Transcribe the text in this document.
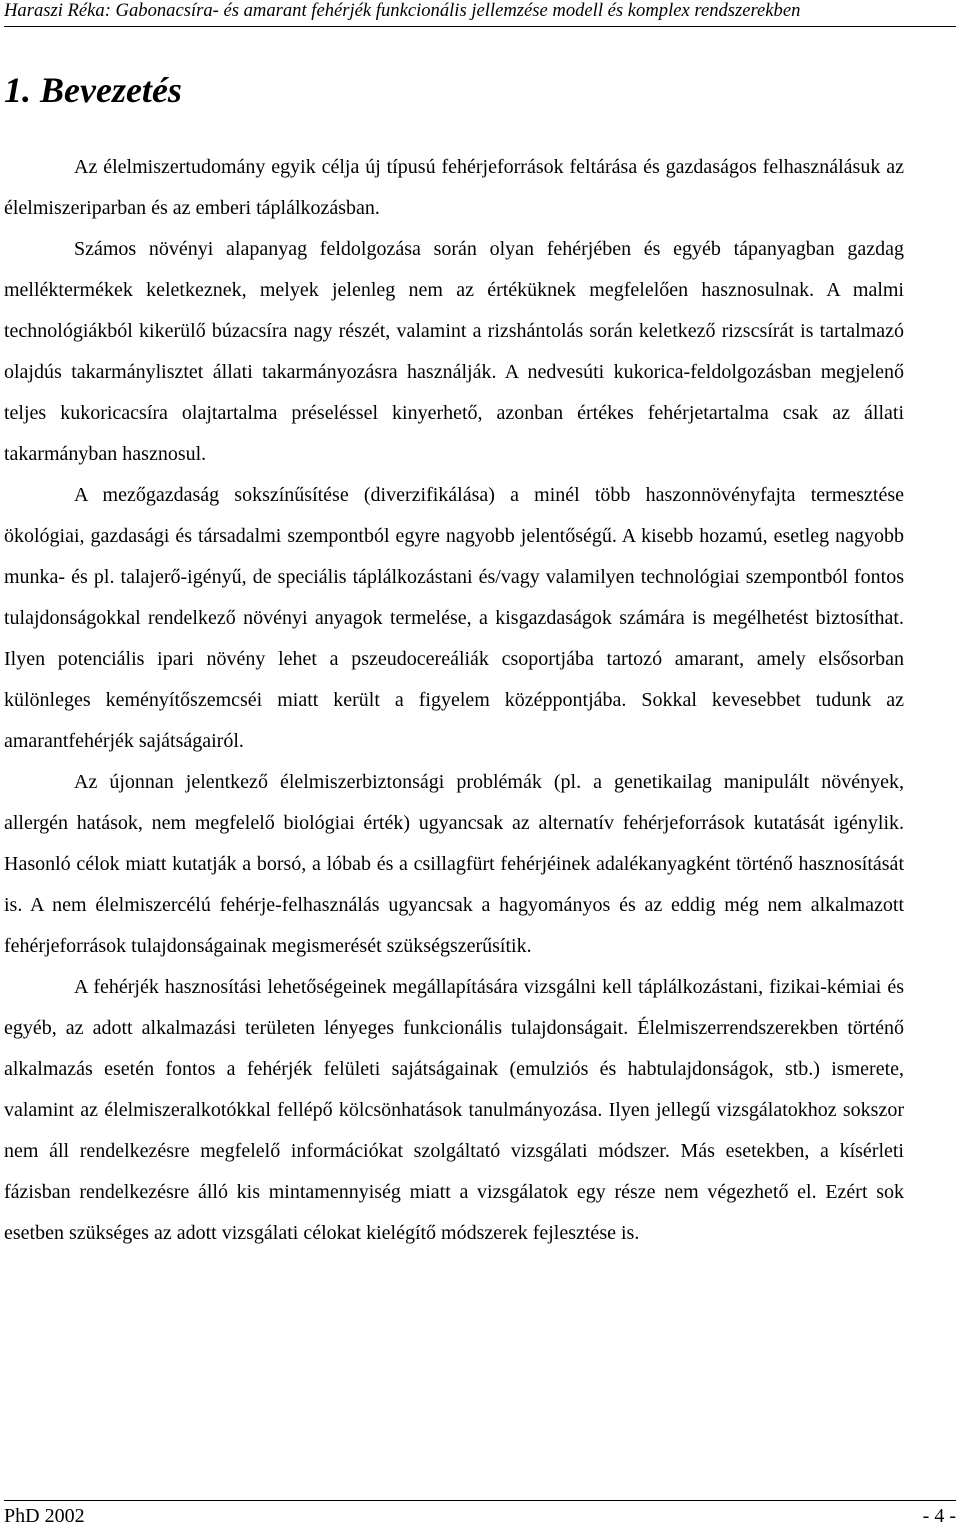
Haraszi Réka: Gabonacsíra- és amarant fehérjék funkcionális jellemzése modell és komplex rendszerekben
1. Bevezetés

Az élelmiszertudomány egyik célja új típusú fehérjeforrások feltárása és gazdaságos felhasználásuk az élelmiszeriparban és az emberi táplálkozásban.

Számos növényi alapanyag feldolgozása során olyan fehérjében és egyéb tápanyagban gazdag melléktermékek keletkeznek, melyek jelenleg nem az értéküknek megfelelően hasznosulnak. A malmi technológiákból kikerülő búzacsíra nagy részét, valamint a rizshántolás során keletkező rizscsírát is tartalmazó olajdús takarmánylisztet állati takarmányozásra használják. A nedvesúti kukorica-feldolgozásban megjelenő teljes kukoricacsíra olajtartalma préseléssel kinyerhető, azonban értékes fehérjetartalma csak az állati takarmányban hasznosul.

A mezőgazdaság sokszínűsítése (diverzifikálása) a minél több haszonnövényfajta termesztése ökológiai, gazdasági és társadalmi szempontból egyre nagyobb jelentőségű. A kisebb hozamú, esetleg nagyobb munka- és pl. talajerő-igényű, de speciális táplálkozástani és/vagy valamilyen technológiai szempontból fontos tulajdonságokkal rendelkező növényi anyagok termelése, a kisgazdaságok számára is megélhetést biztosíthat. Ilyen potenciális ipari növény lehet a pszeudocereáliák csoportjába tartozó amarant, amely elsősorban különleges keményítőszemcséi miatt került a figyelem középpontjába. Sokkal kevesebbet tudunk az amarantfehérjék sajátságairól.

Az újonnan jelentkező élelmiszerbiztonsági problémák (pl. a genetikailag manipulált növények, allergén hatások, nem megfelelő biológiai érték) ugyancsak az alternatív fehérjeforrások kutatását igénylik. Hasonló célok miatt kutatják a borsó, a lóbab és a csillagfürt fehérjéinek adalékanyagként történő hasznosítását is. A nem élelmiszercélú fehérje-felhasználás ugyancsak a hagyományos és az eddig még nem alkalmazott fehérjeforrások tulajdonságainak megismerését szükségszerűsítik.

A fehérjék hasznosítási lehetőségeinek megállapítására vizsgálni kell táplálkozástani, fizikai-kémiai és egyéb, az adott alkalmazási területen lényeges funkcionális tulajdonságait. Élelmiszerrendszerekben történő alkalmazás esetén fontos a fehérjék felületi sajátságainak (emulziós és habtulajdonságok, stb.) ismerete, valamint az élelmiszeralkotókkal fellépő kölcsönhatások tanulmányozása. Ilyen jellegű vizsgálatokhoz sokszor nem áll rendelkezésre megfelelő információkat szolgáltató vizsgálati módszer. Más esetekben, a kísérleti fázisban rendelkezésre álló kis mintamennyiség miatt a vizsgálatok egy része nem végezhető el. Ezért sok esetben szükséges az adott vizsgálati célokat kielégítő módszerek fejlesztése is.

PhD 2002	- 4 -
